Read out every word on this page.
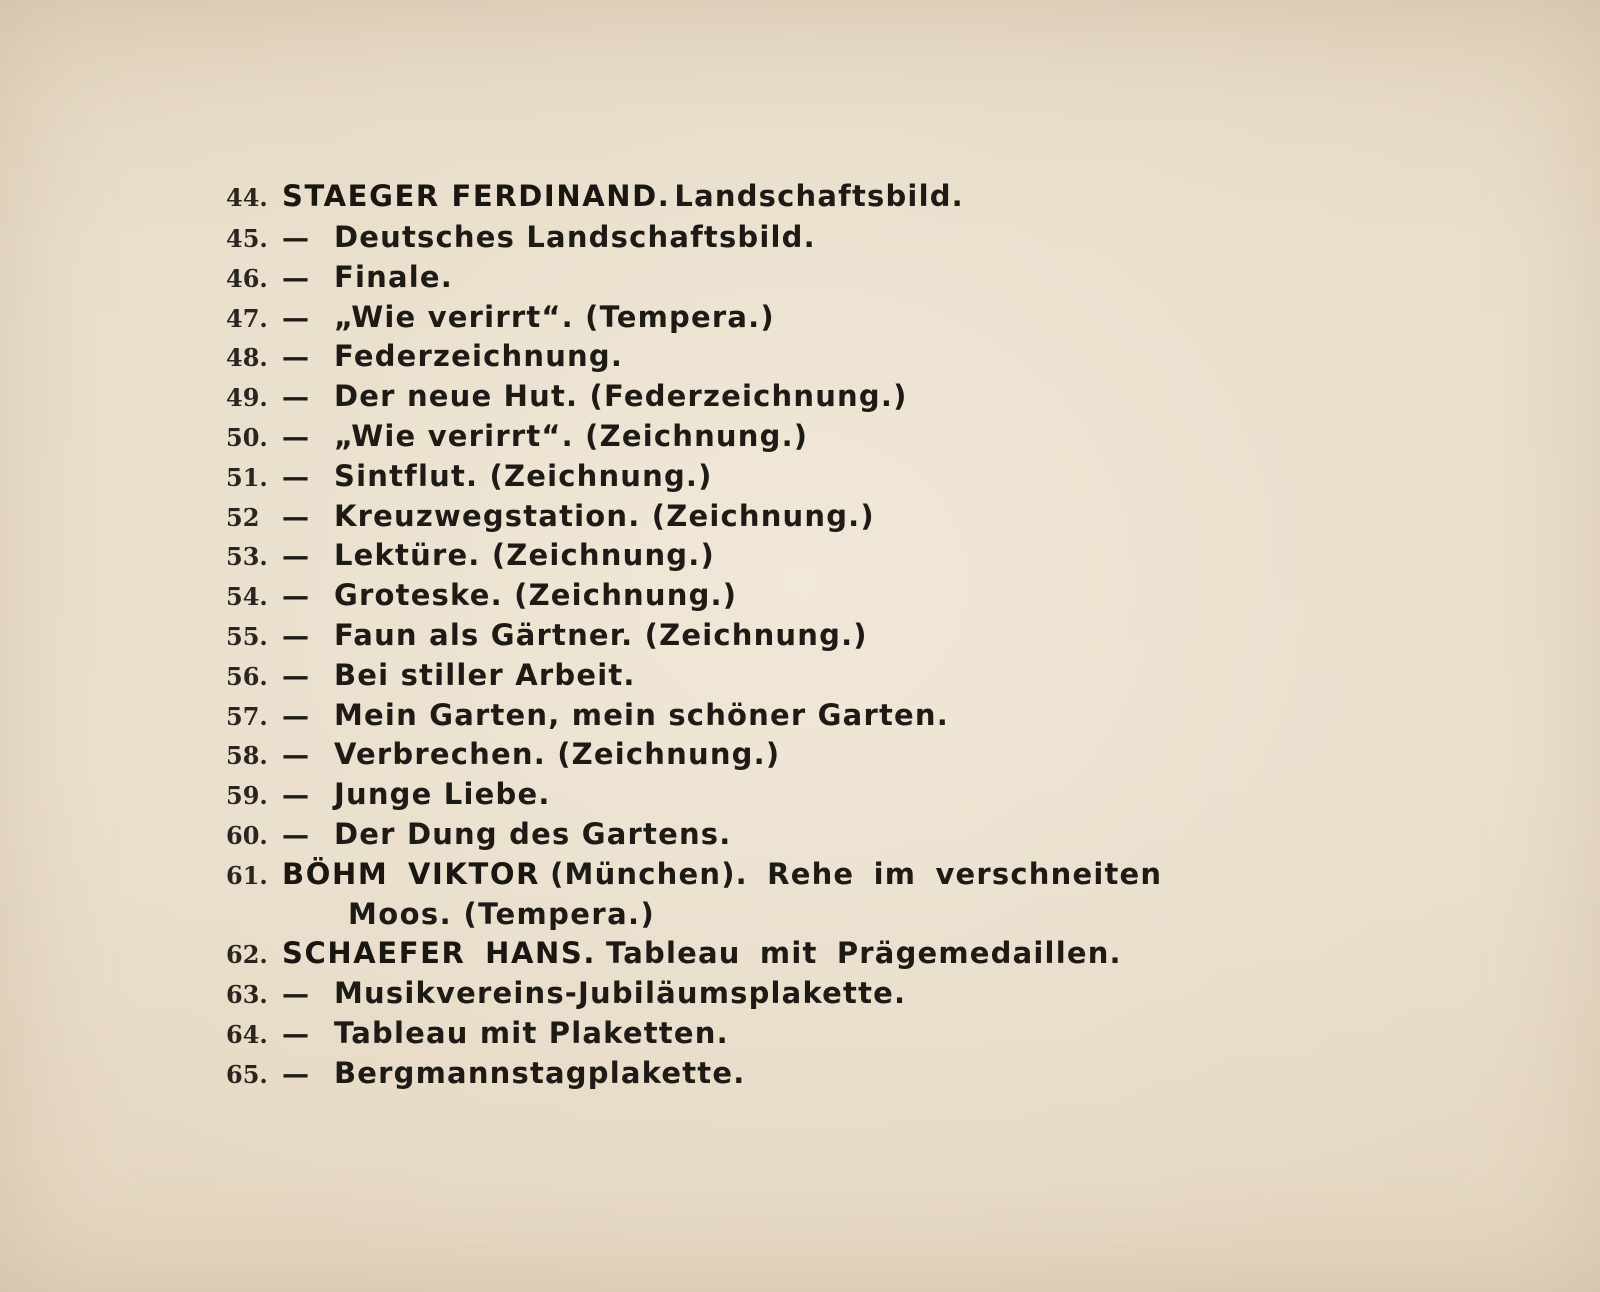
44. STAEGER FERDINAND. Landschaftsbild.
45. — Deutsches Landschaftsbild.
46. — Finale.
47. — „Wie verirrt“. (Tempera.)
48. — Federzeichnung.
49. — Der neue Hut. (Federzeichnung.)
50. — „Wie verirrt“. (Zeichnung.)
51. — Sintflut. (Zeichnung.)
52 — Kreuzwegstation. (Zeichnung.)
53. — Lektüre. (Zeichnung.)
54. — Groteske. (Zeichnung.)
55. — Faun als Gärtner. (Zeichnung.)
56. — Bei stiller Arbeit.
57. — Mein Garten, mein schöner Garten.
58. — Verbrechen. (Zeichnung.)
59. — Junge Liebe.
60. — Der Dung des Gartens.
61. BÖHM VIKTOR (München). Rehe im verschneiten
Moos. (Tempera.)
62. SCHAEFER HANS. Tableau mit Prägemedaillen.
63. — Musikvereins-Jubiläumsplakette.
64. — Tableau mit Plaketten.
65. — Bergmannstagplakette.
